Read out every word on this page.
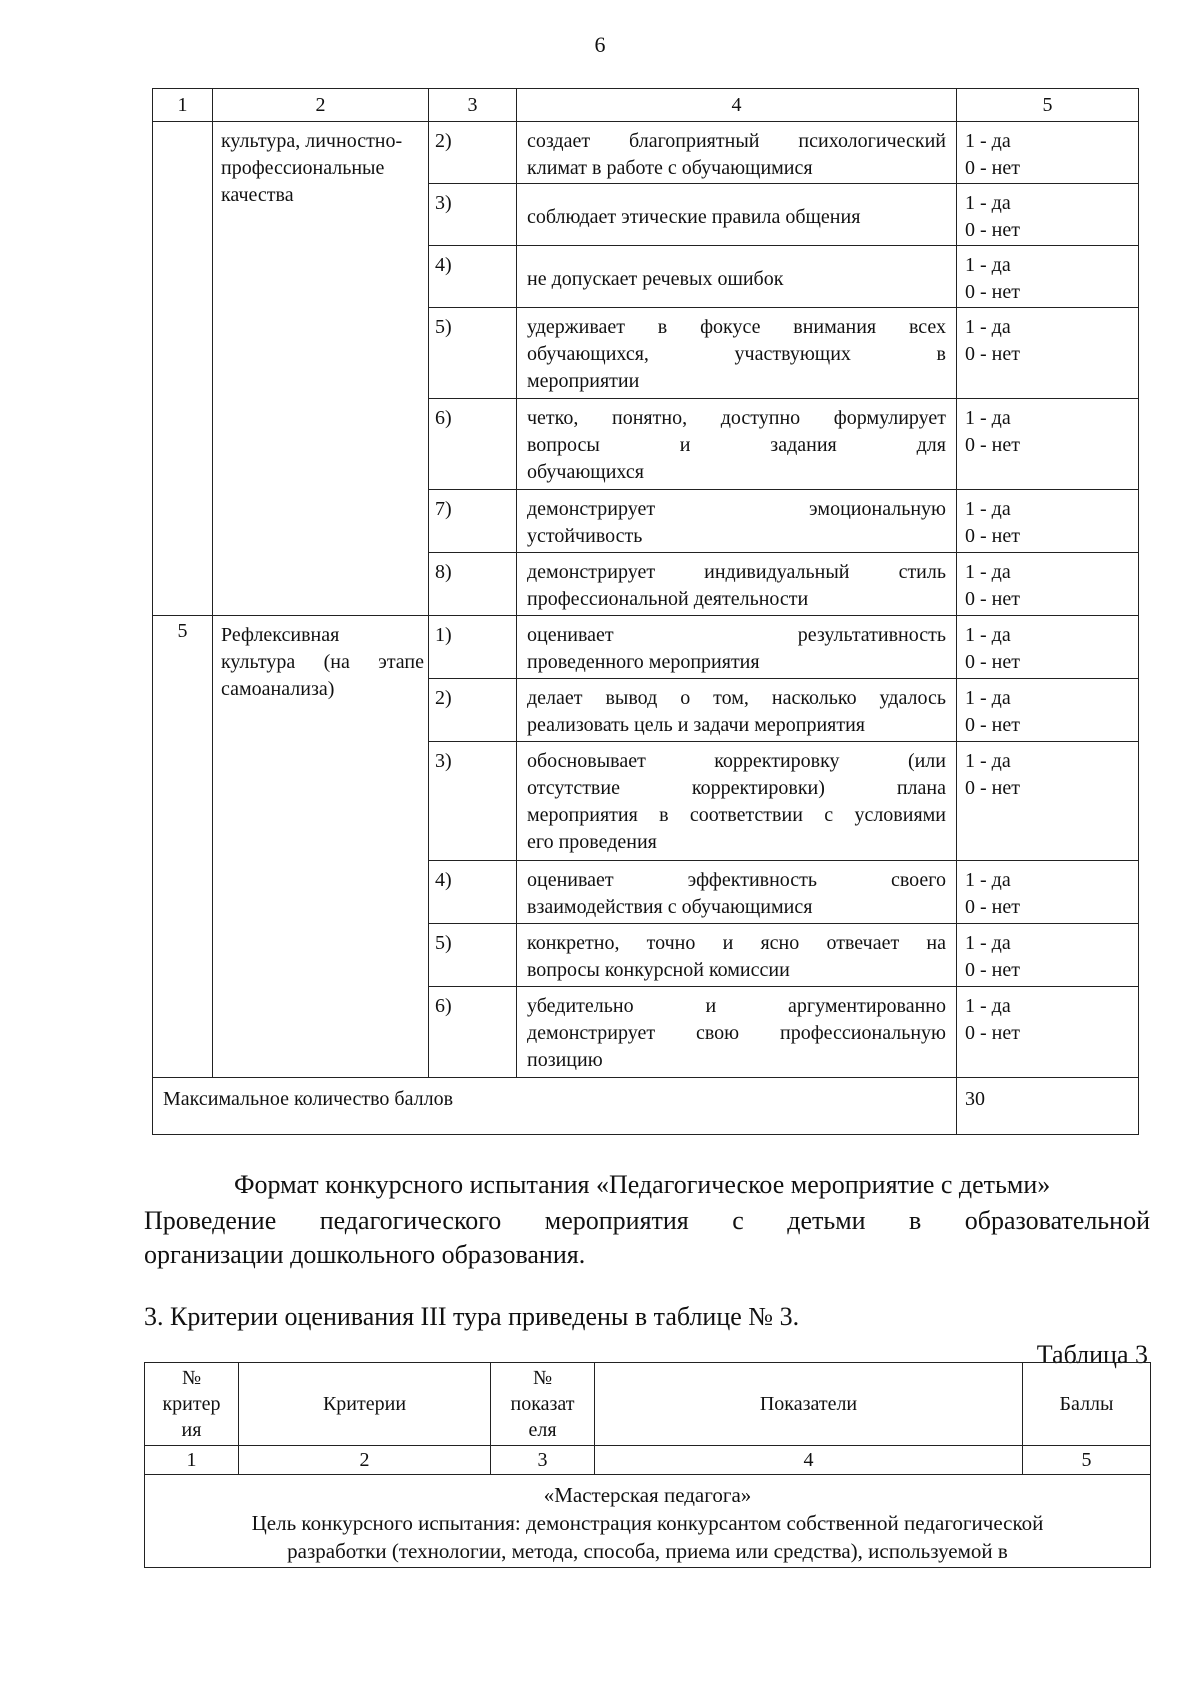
6
1	2	3	4	5

	культура, личностно-
профессиональные
качества	2)	создает благоприятный психологический
климат в работе с обучающимися	1 - да
0 - нет

		3)	соблюдает этические правила общения	1 - да
0 - нет

		4)	не допускает речевых ошибок	1 - да
0 - нет

		5)	удерживает в фокусе внимания всех
обучающихся, участвующих в
мероприятии	1 - да
0 - нет

		6)	четко, понятно, доступно формулирует
вопросы и задания для
обучающихся	1 - да
0 - нет

		7)	демонстрирует эмоциональную
устойчивость	1 - да
0 - нет

		8)	демонстрирует индивидуальный стиль
профессиональной деятельности	1 - да
0 - нет

5	Рефлексивная
культура (на этапе
самоанализа)	1)	оценивает результативность
проведенного мероприятия	1 - да
0 - нет

		2)	делает вывод о том, насколько удалось
реализовать цель и задачи мероприятия	1 - да
0 - нет

		3)	обосновывает корректировку (или
отсутствие корректировки) плана
мероприятия в соответствии с условиями
его проведения	1 - да
0 - нет

		4)	оценивает эффективность своего
взаимодействия с обучающимися	1 - да
0 - нет

		5)	конкретно, точно и ясно отвечает на
вопросы конкурсной комиссии	1 - да
0 - нет

		6)	убедительно и аргументированно
демонстрирует свою профессиональную
позицию	1 - да
0 - нет

Максимальное количество баллов				30
Формат конкурсного испытания «Педагогическое мероприятие с детьми»
Проведение педагогического мероприятия с детьми в образовательной
организации дошкольного образования.
3. Критерии оценивания III тура приведены в таблице № 3.
Таблица 3
№
критер
ия	Критерии	№
показат
еля	Показатели	Баллы
1	2	3	4	5

«Мастерская педагога»
Цель конкурсного испытания: демонстрация конкурсантом собственной педагогической
разработки (технологии, метода, способа, приема или средства), используемой в				
